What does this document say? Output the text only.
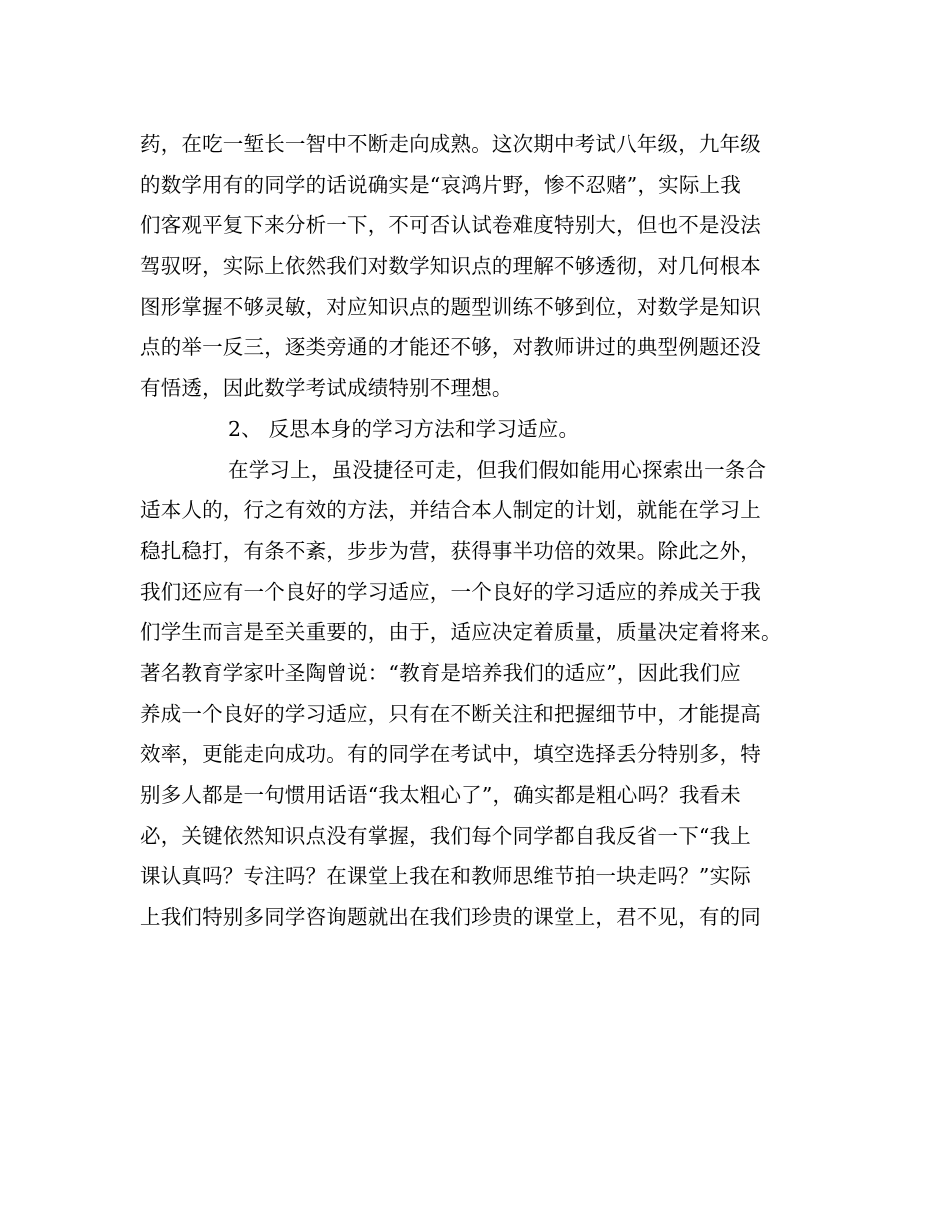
药，在吃一堑长一智中不断走向成熟。这次期中考试八年级，九年级
的数学用有的同学的话说确实是“哀鸿片野，惨不忍赌”，实际上我
们客观平复下来分析一下，不可否认试卷难度特别大，但也不是没法
驾驭呀，实际上依然我们对数学知识点的理解不够透彻，对几何根本
图形掌握不够灵敏，对应知识点的题型训练不够到位，对数学是知识
点的举一反三，逐类旁通的才能还不够，对教师讲过的典型例题还没
有悟透，因此数学考试成绩特别不理想。
2、 反思本身的学习方法和学习适应。
在学习上，虽没捷径可走，但我们假如能用心探索出一条合
适本人的，行之有效的方法，并结合本人制定的计划，就能在学习上
稳扎稳打，有条不紊，步步为营，获得事半功倍的效果。除此之外，
我们还应有一个良好的学习适应，一个良好的学习适应的养成关于我
们学生而言是至关重要的，由于，适应决定着质量，质量决定着将来。
著名教育学家叶圣陶曾说：“教育是培养我们的适应”，因此我们应
养成一个良好的学习适应，只有在不断关注和把握细节中，才能提高
效率，更能走向成功。有的同学在考试中，填空选择丢分特别多，特
别多人都是一句惯用话语“我太粗心了”，确实都是粗心吗？我看未
必，关键依然知识点没有掌握，我们每个同学都自我反省一下“我上
课认真吗？专注吗？在课堂上我在和教师思维节拍一块走吗？”实际
上我们特别多同学咨询题就出在我们珍贵的课堂上，君不见，有的同
